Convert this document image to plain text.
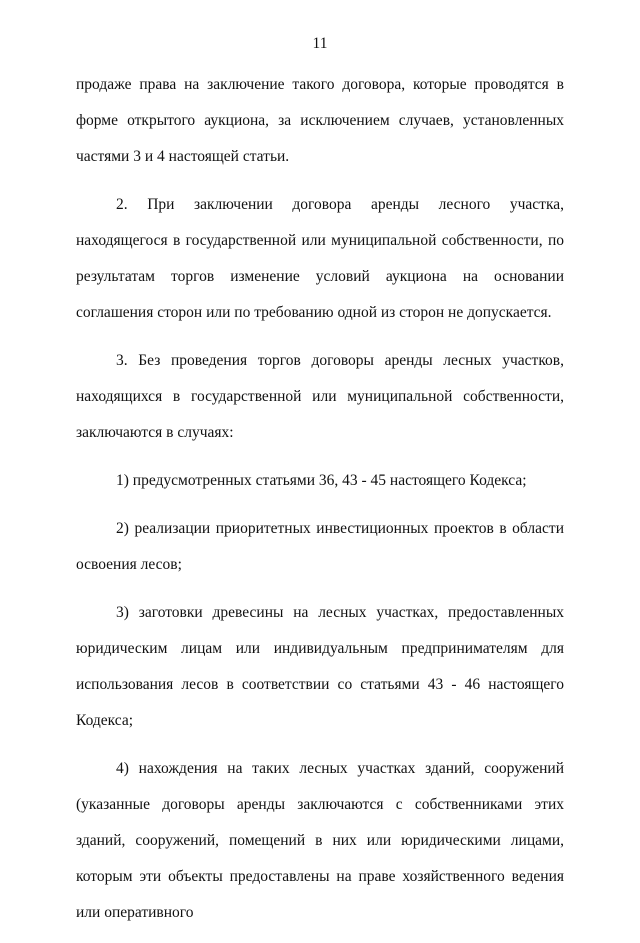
11

продаже права на заключение такого договора, которые проводятся в форме открытого аукциона, за исключением случаев, установленных частями 3 и 4 настоящей статьи.

2. При заключении договора аренды лесного участка, находящегося в государственной или муниципальной собственности, по результатам торгов изменение условий аукциона на основании соглашения сторон или по требованию одной из сторон не допускается.

3. Без проведения торгов договоры аренды лесных участков, находящихся в государственной или муниципальной собственности, заключаются в случаях:

1) предусмотренных статьями 36, 43 - 45 настоящего Кодекса;

2) реализации приоритетных инвестиционных проектов в области освоения лесов;

3) заготовки древесины на лесных участках, предоставленных юридическим лицам или индивидуальным предпринимателям для использования лесов в соответствии со статьями 43 - 46 настоящего Кодекса;

4) нахождения на таких лесных участках зданий, сооружений (указанные договоры аренды заключаются с собственниками этих зданий, сооружений, помещений в них или юридическими лицами, которым эти объекты предоставлены на праве хозяйственного ведения или оперативного
